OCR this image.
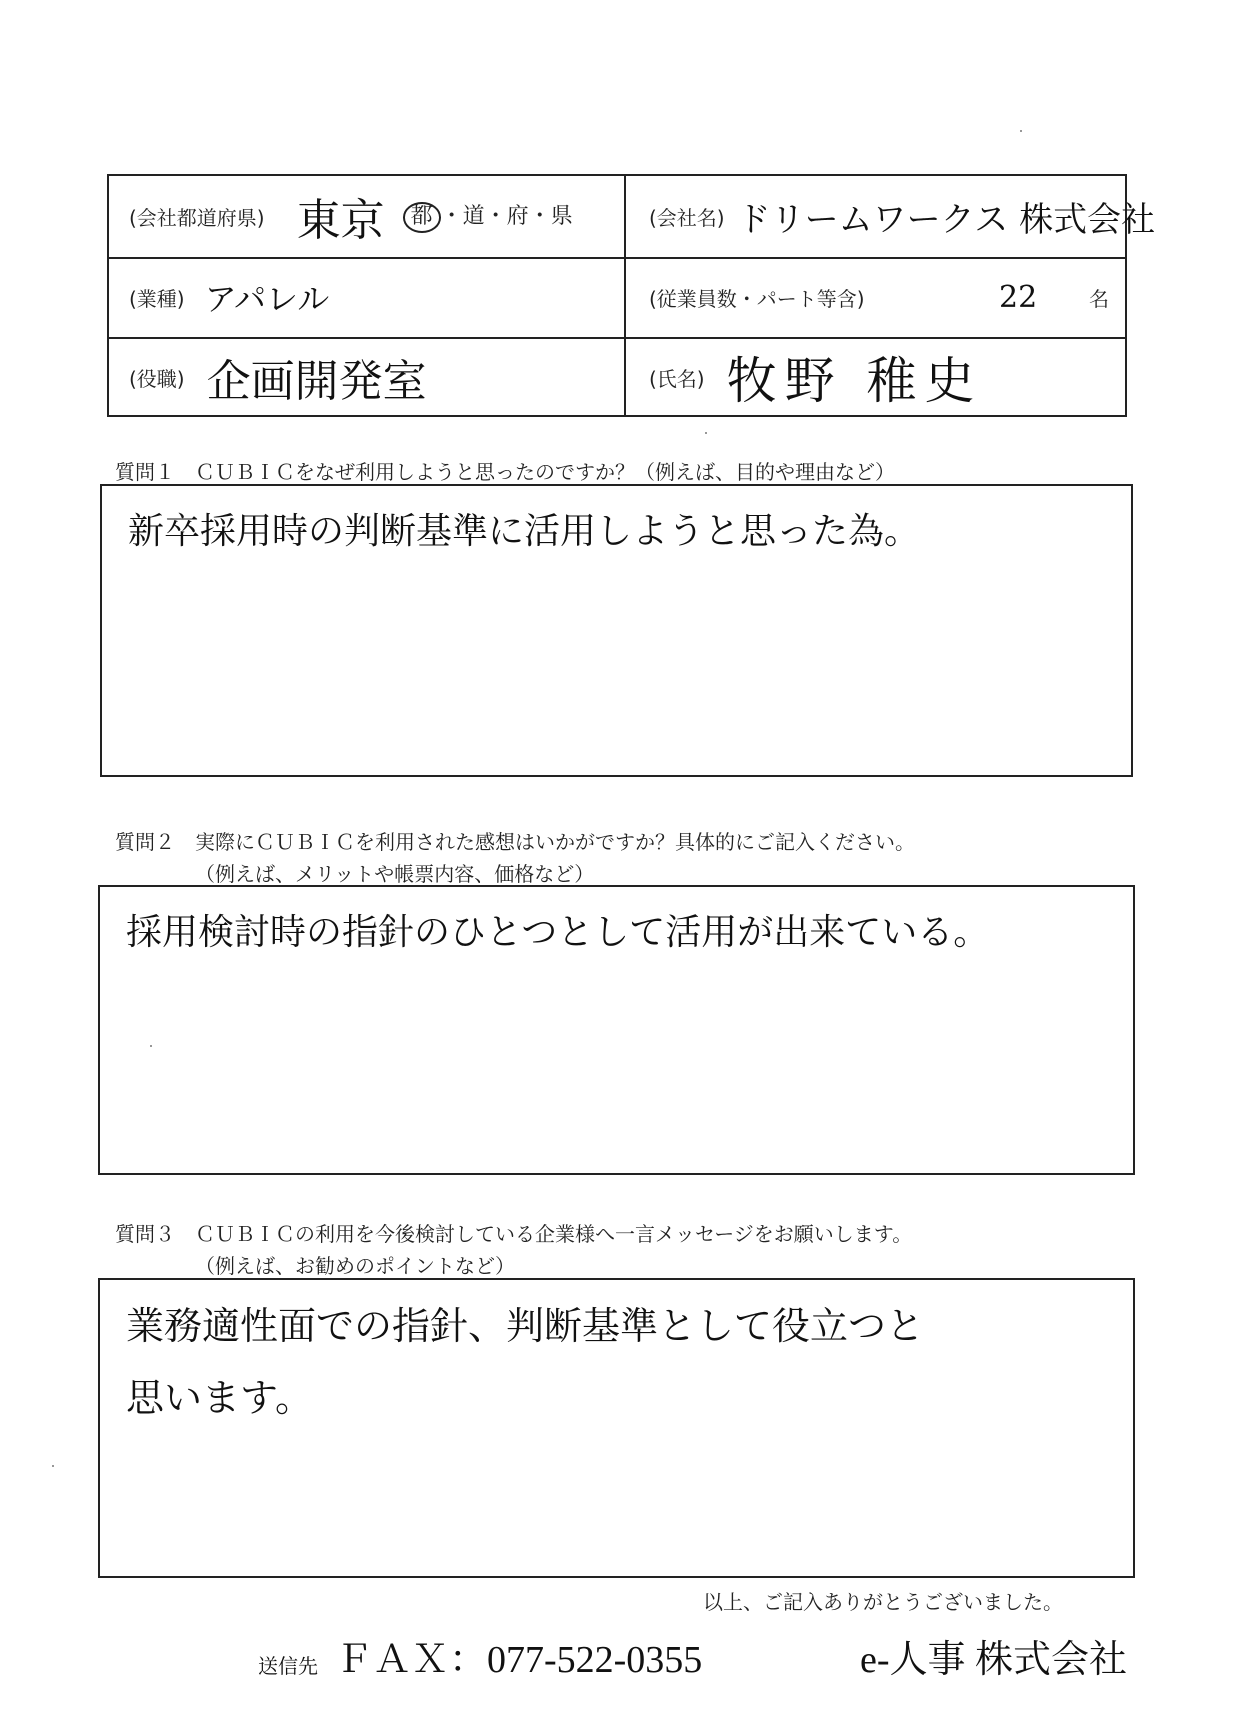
(会社都道府県) 東京	都 ・道・府・県	(会社名) ドリームワークス 株式会社
(業種) アパレル	(従業員数・パート等含)	22	名
(役職) 企画開発室	(氏名) 牧野 稚史
質問１　ＣＵＢＩＣをなぜ利用しようと思ったのですか？（例えば、目的や理由など）
新卒採用時の判断基準に活用しようと思った為。
質問２　実際にＣＵＢＩＣを利用された感想はいかがですか？具体的にご記入ください。
（例えば、メリットや帳票内容、価格など）
採用検討時の指針のひとつとして活用が出来ている。
質問３　ＣＵＢＩＣの利用を今後検討している企業様へ一言メッセージをお願いします。
（例えば、お勧めのポイントなど）
業務適性面での指針、判断基準として役立つと
思います。
以上、ご記入ありがとうございました。
送信先 ＦＡＸ：077-522-0355	e-人事 株式会社
